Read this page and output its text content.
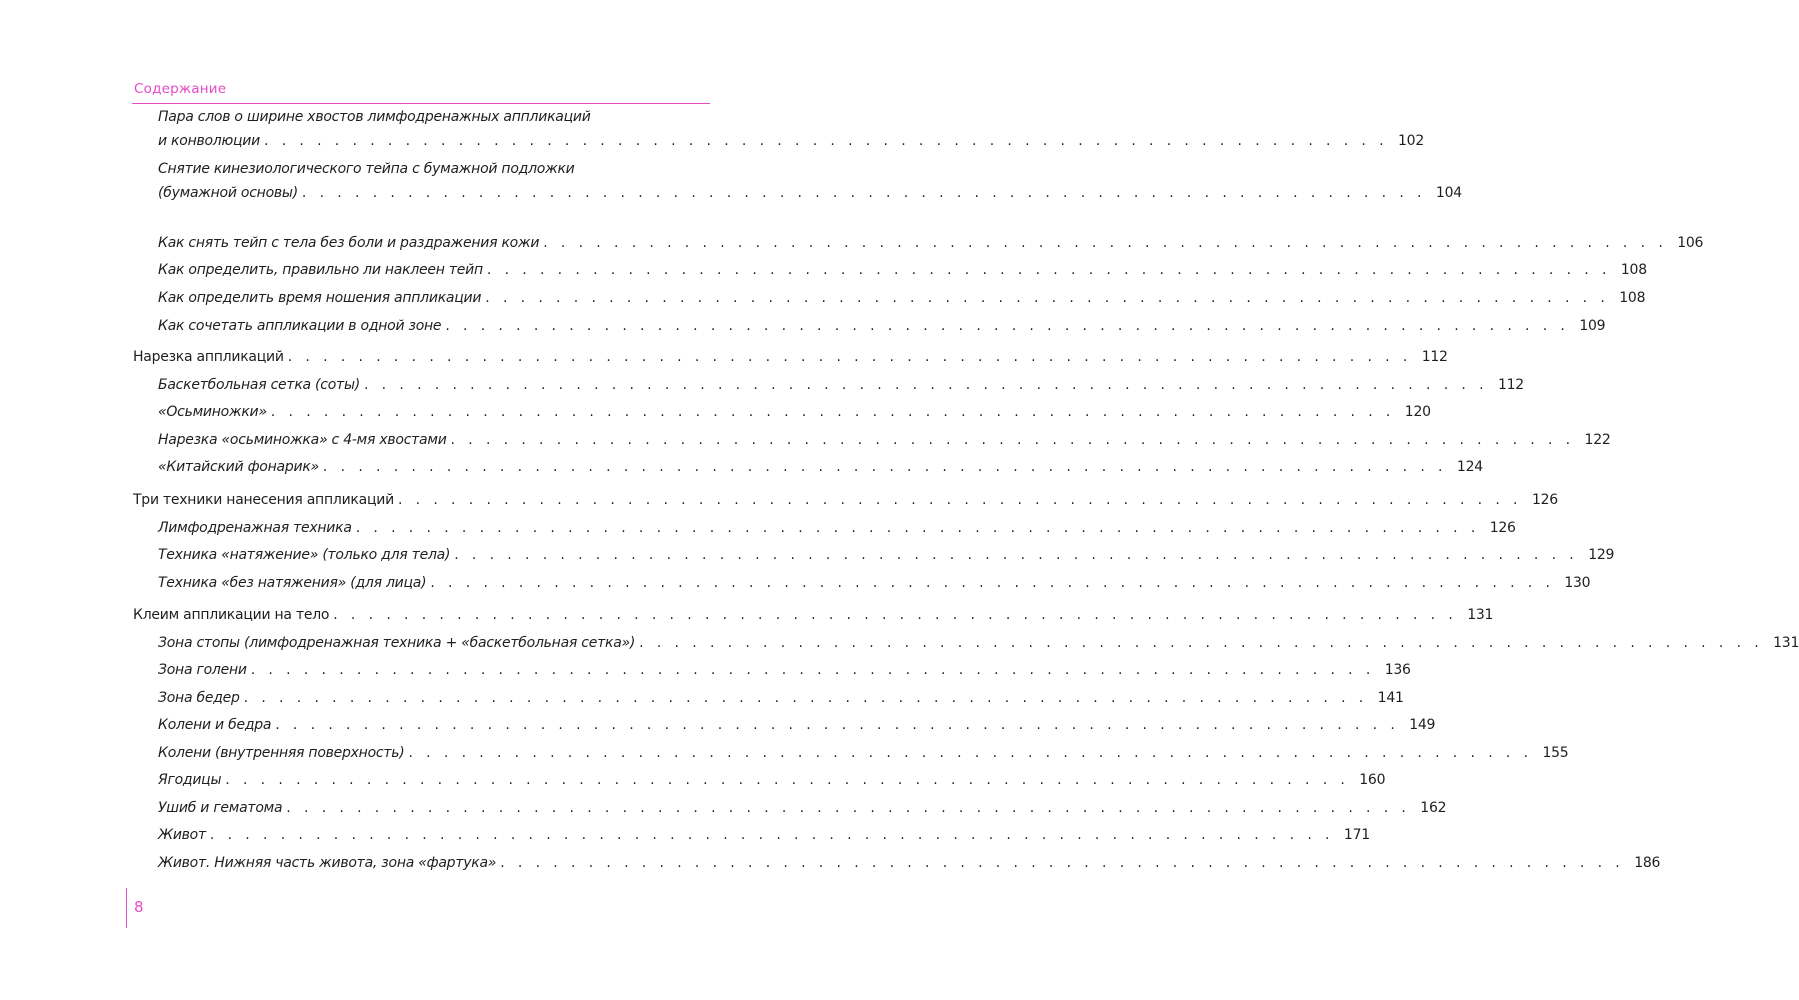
Содержание
Пара слов о ширине хвостов лимфодренажных аппликаций
и конволюции . . . . . . . . . . . . . . . . . . . . . . . . . . . . . . . . . . . . . . . . . . . . . . . . . . . . . . . . . . . . . . . . 102
Снятие кинезиологического тейпа с бумажной подложки
(бумажной основы) . . . . . . . . . . . . . . . . . . . . . . . . . . . . . . . . . . . . . . . . . . . . . . . . . . . . . . . . . . . . . . . . 104
Как снять тейп с тела без боли и раздражения кожи . . . . . . . . . . . . . . . . . . . . . . . . . . . . . . . . . . . . . . . . . . . . . . . . . . . . . . . . . . . . . . . . 106
Как определить, правильно ли наклеен тейп . . . . . . . . . . . . . . . . . . . . . . . . . . . . . . . . . . . . . . . . . . . . . . . . . . . . . . . . . . . . . . . . 108
Как определить время ношения аппликации . . . . . . . . . . . . . . . . . . . . . . . . . . . . . . . . . . . . . . . . . . . . . . . . . . . . . . . . . . . . . . . . 108
Как сочетать аппликации в одной зоне . . . . . . . . . . . . . . . . . . . . . . . . . . . . . . . . . . . . . . . . . . . . . . . . . . . . . . . . . . . . . . . . 109
Нарезка аппликаций . . . . . . . . . . . . . . . . . . . . . . . . . . . . . . . . . . . . . . . . . . . . . . . . . . . . . . . . . . . . . . . . 112
Баскетбольная сетка (соты) . . . . . . . . . . . . . . . . . . . . . . . . . . . . . . . . . . . . . . . . . . . . . . . . . . . . . . . . . . . . . . . . 112
«Осьминожки» . . . . . . . . . . . . . . . . . . . . . . . . . . . . . . . . . . . . . . . . . . . . . . . . . . . . . . . . . . . . . . . . 120
Нарезка «осьминожка» с 4-мя хвостами . . . . . . . . . . . . . . . . . . . . . . . . . . . . . . . . . . . . . . . . . . . . . . . . . . . . . . . . . . . . . . . . 122
«Китайский фонарик» . . . . . . . . . . . . . . . . . . . . . . . . . . . . . . . . . . . . . . . . . . . . . . . . . . . . . . . . . . . . . . . . 124
Три техники нанесения аппликаций . . . . . . . . . . . . . . . . . . . . . . . . . . . . . . . . . . . . . . . . . . . . . . . . . . . . . . . . . . . . . . . . 126
Лимфодренажная техника . . . . . . . . . . . . . . . . . . . . . . . . . . . . . . . . . . . . . . . . . . . . . . . . . . . . . . . . . . . . . . . . 126
Техника «натяжение» (только для тела) . . . . . . . . . . . . . . . . . . . . . . . . . . . . . . . . . . . . . . . . . . . . . . . . . . . . . . . . . . . . . . . . 129
Техника «без натяжения» (для лица) . . . . . . . . . . . . . . . . . . . . . . . . . . . . . . . . . . . . . . . . . . . . . . . . . . . . . . . . . . . . . . . . 130
Клеим аппликации на тело . . . . . . . . . . . . . . . . . . . . . . . . . . . . . . . . . . . . . . . . . . . . . . . . . . . . . . . . . . . . . . . . 131
Зона стопы (лимфодренажная техника + «баскетбольная сетка») . . . . . . . . . . . . . . . . . . . . . . . . . . . . . . . . . . . . . . . . . . . . . . . . . . . . . . . . . . . . . . . . 131
Зона голени . . . . . . . . . . . . . . . . . . . . . . . . . . . . . . . . . . . . . . . . . . . . . . . . . . . . . . . . . . . . . . . . 136
Зона бедер . . . . . . . . . . . . . . . . . . . . . . . . . . . . . . . . . . . . . . . . . . . . . . . . . . . . . . . . . . . . . . . . 141
Колени и бедра . . . . . . . . . . . . . . . . . . . . . . . . . . . . . . . . . . . . . . . . . . . . . . . . . . . . . . . . . . . . . . . . 149
Колени (внутренняя поверхность) . . . . . . . . . . . . . . . . . . . . . . . . . . . . . . . . . . . . . . . . . . . . . . . . . . . . . . . . . . . . . . . . 155
Ягодицы . . . . . . . . . . . . . . . . . . . . . . . . . . . . . . . . . . . . . . . . . . . . . . . . . . . . . . . . . . . . . . . . 160
Ушиб и гематома . . . . . . . . . . . . . . . . . . . . . . . . . . . . . . . . . . . . . . . . . . . . . . . . . . . . . . . . . . . . . . . . 162
Живот . . . . . . . . . . . . . . . . . . . . . . . . . . . . . . . . . . . . . . . . . . . . . . . . . . . . . . . . . . . . . . . . 171
Живот. Нижняя часть живота, зона «фартука» . . . . . . . . . . . . . . . . . . . . . . . . . . . . . . . . . . . . . . . . . . . . . . . . . . . . . . . . . . . . . . . . 186
8
